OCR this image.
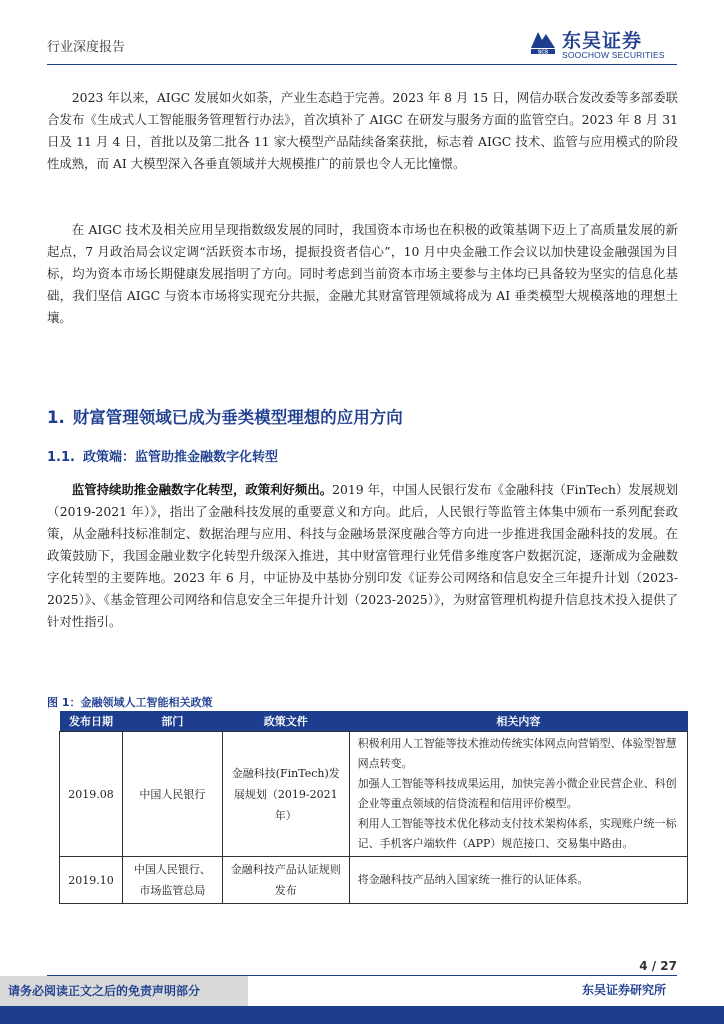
行业深度报告	SCS
东吴证券
SOOCHOW SECURITIES

2023 年以来，AIGC 发展如火如荼，产业生态趋于完善。2023 年 8 月 15 日，网信办联合发改委等多部委联合发布《生成式人工智能服务管理暂行办法》，首次填补了 AIGC 在研发与服务方面的监管空白。2023 年 8 月 31 日及 11 月 4 日，首批以及第二批各 11 家大模型产品陆续备案获批，标志着 AIGC 技术、监管与应用模式的阶段性成熟，而 AI 大模型深入各垂直领域并大规模推广的前景也令人无比憧憬。

在 AIGC 技术及相关应用呈现指数级发展的同时，我国资本市场也在积极的政策基调下迈上了高质量发展的新起点，7 月政治局会议定调“活跃资本市场，提振投资者信心”，10 月中央金融工作会议以加快建设金融强国为目标，均为资本市场长期健康发展指明了方向。同时考虑到当前资本市场主要参与主体均已具备较为坚实的信息化基础，我们坚信 AIGC 与资本市场将实现充分共振，金融尤其财富管理领域将成为 AI 垂类模型大规模落地的理想土壤。

1. 财富管理领域已成为垂类模型理想的应用方向
1.1. 政策端：监管助推金融数字化转型

监管持续助推金融数字化转型，政策利好频出。2019 年，中国人民银行发布《金融科技（FinTech）发展规划（2019-2021 年）》，指出了金融科技发展的重要意义和方向。此后，人民银行等监管主体集中颁布一系列配套政策，从金融科技标准制定、数据治理与应用、科技与金融场景深度融合等方向进一步推进我国金融科技的发展。在政策鼓励下，我国金融业数字化转型升级深入推进，其中财富管理行业凭借多维度客户数据沉淀，逐渐成为金融数字化转型的主要阵地。2023 年 6 月，中证协及中基协分别印发《证券公司网络和信息安全三年提升计划（2023-2025）》、《基金管理公司网络和信息安全三年提升计划（2023-2025）》，为财富管理机构提升信息技术投入提供了针对性指引。

图 1：金融领域人工智能相关政策
发布日期	部门	政策文件	相关内容
2019.08	中国人民银行	金融科技(FinTech)发展规划（2019-2021 年）	积极利用人工智能等技术推动传统实体网点向营销型、体验型智慧网点转变。
加强人工智能等科技成果运用，加快完善小微企业民营企业、科创企业等重点领域的信贷流程和信用评价模型。
利用人工智能等技术优化移动支付技术架构体系，实现账户统一标记、手机客户端软件（APP）规范接口、交易集中路由。

2019.10	中国人民银行、市场监管总局	金融科技产品认证规则发布	将金融科技产品纳入国家统一推行的认证体系。
4 / 27
东吴证券研究所
请务必阅读正文之后的免责声明部分
